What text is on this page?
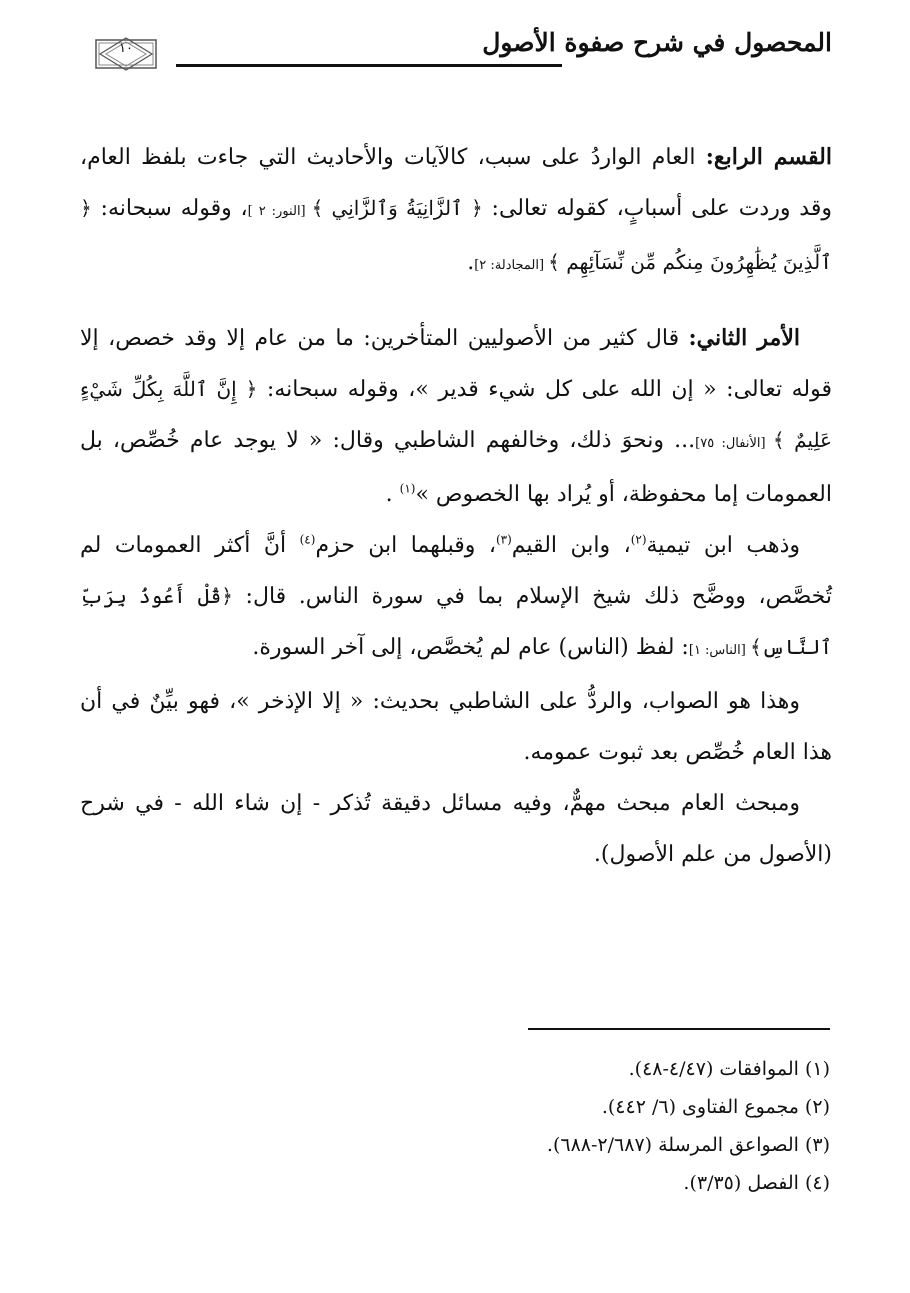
المحصول في شرح صفوة الأصول
١٠

القسم الرابع: العام الواردُ على سبب، كالآيات والأحاديث التي جاءت بلفظ العام، وقد وردت على أسبابٍ، كقوله تعالى: ﴿ ٱلزَّانِيَةُ وَٱلزَّانِي ﴾ [النور: ٢ ]، وقوله سبحانه: ﴿ ٱلَّذِينَ يُظَٰهِرُونَ مِنكُم مِّن نِّسَآئِهِم ﴾ [المجادلة: ٢].

الأمر الثاني: قال كثير من الأصوليين المتأخرين: ما من عام إلا وقد خصص، إلا قوله تعالى: « إن الله على كل شيء قدير »، وقوله سبحانه: ﴿ إِنَّ ٱللَّهَ بِكُلِّ شَيْءٍ عَلِيمٌ ﴾ [الأنفال: ٧٥]... ونحوَ ذلك، وخالفهم الشاطبي وقال: « لا يوجد عام خُصِّص، بل العمومات إما محفوظة، أو يُراد بها الخصوص »$^{(١)}$ .

وذهب ابن تيمية$^{(٢)}$، وابن القيم$^{(٣)}$، وقبلهما ابن حزم$^{(٤)}$ أنَّ أكثر العمومات لم تُخصَّص، ووضَّح ذلك شيخ الإسلام بما في سورة الناس. قال: ﴿قُلْ أَعُوذُ بِرَبِّ ٱلنَّاسِ﴾ [الناس: ١]: لفظ (الناس) عام لم يُخصَّص، إلى آخر السورة.

وهذا هو الصواب، والردُّ على الشاطبي بحديث: « إلا الإذخر »، فهو بيِّنٌ في أن هذا العام خُصِّص بعد ثبوت عمومه.

ومبحث العام مبحث مهمٌّ، وفيه مسائل دقيقة تُذكر - إن شاء الله - في شرح (الأصول من علم الأصول).

(١) الموافقات (٤/٤٧-٤٨).

(٢) مجموع الفتاوى (٦/ ٤٤٢).

(٣) الصواعق المرسلة (٢/٦٨٧-٦٨٨).

(٤) الفصل (٣/٣٥).
